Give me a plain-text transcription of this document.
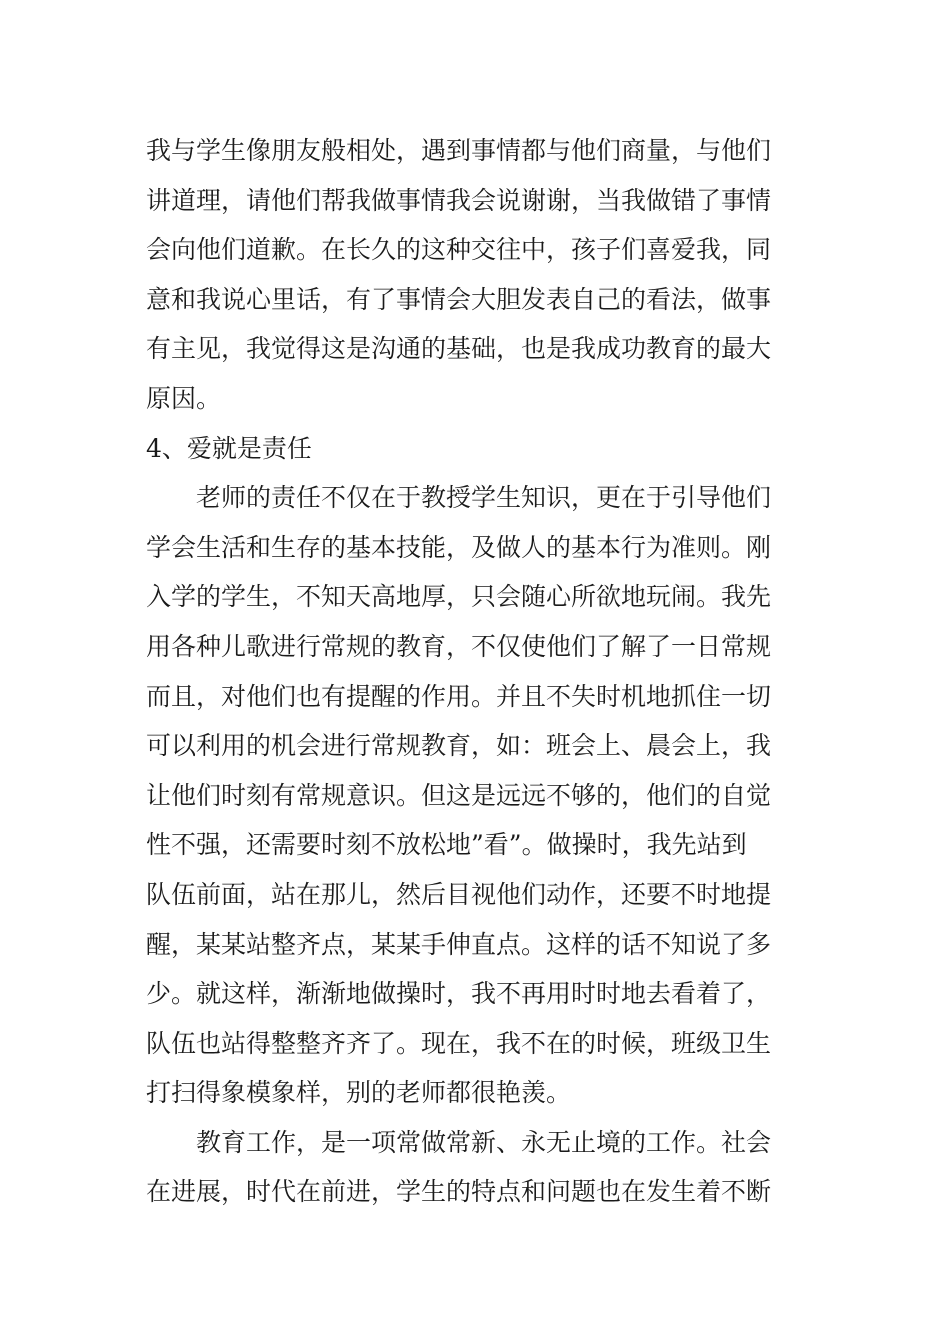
我与学生像朋友般相处，遇到事情都与他们商量，与他们
讲道理，请他们帮我做事情我会说谢谢，当我做错了事情
会向他们道歉。在长久的这种交往中，孩子们喜爱我，同
意和我说心里话，有了事情会大胆发表自己的看法，做事
有主见，我觉得这是沟通的基础，也是我成功教育的最大
原因。

4、爱就是责任

老师的责任不仅在于教授学生知识，更在于引导他们
学会生活和生存的基本技能，及做人的基本行为准则。刚
入学的学生，不知天高地厚，只会随心所欲地玩闹。我先
用各种儿歌进行常规的教育，不仅使他们了解了一日常规
而且，对他们也有提醒的作用。并且不失时机地抓住一切
可以利用的机会进行常规教育，如：班会上、晨会上，我
让他们时刻有常规意识。但这是远远不够的，他们的自觉
性不强，还需要时刻不放松地”看”。做操时，我先站到
队伍前面，站在那儿，然后目视他们动作，还要不时地提
醒，某某站整齐点，某某手伸直点。这样的话不知说了多
少。就这样，渐渐地做操时，我不再用时时地去看着了，
队伍也站得整整齐齐了。现在，我不在的时候，班级卫生
打扫得象模象样，别的老师都很艳羡。

教育工作，是一项常做常新、永无止境的工作。社会
在进展，时代在前进，学生的特点和问题也在发生着不断
